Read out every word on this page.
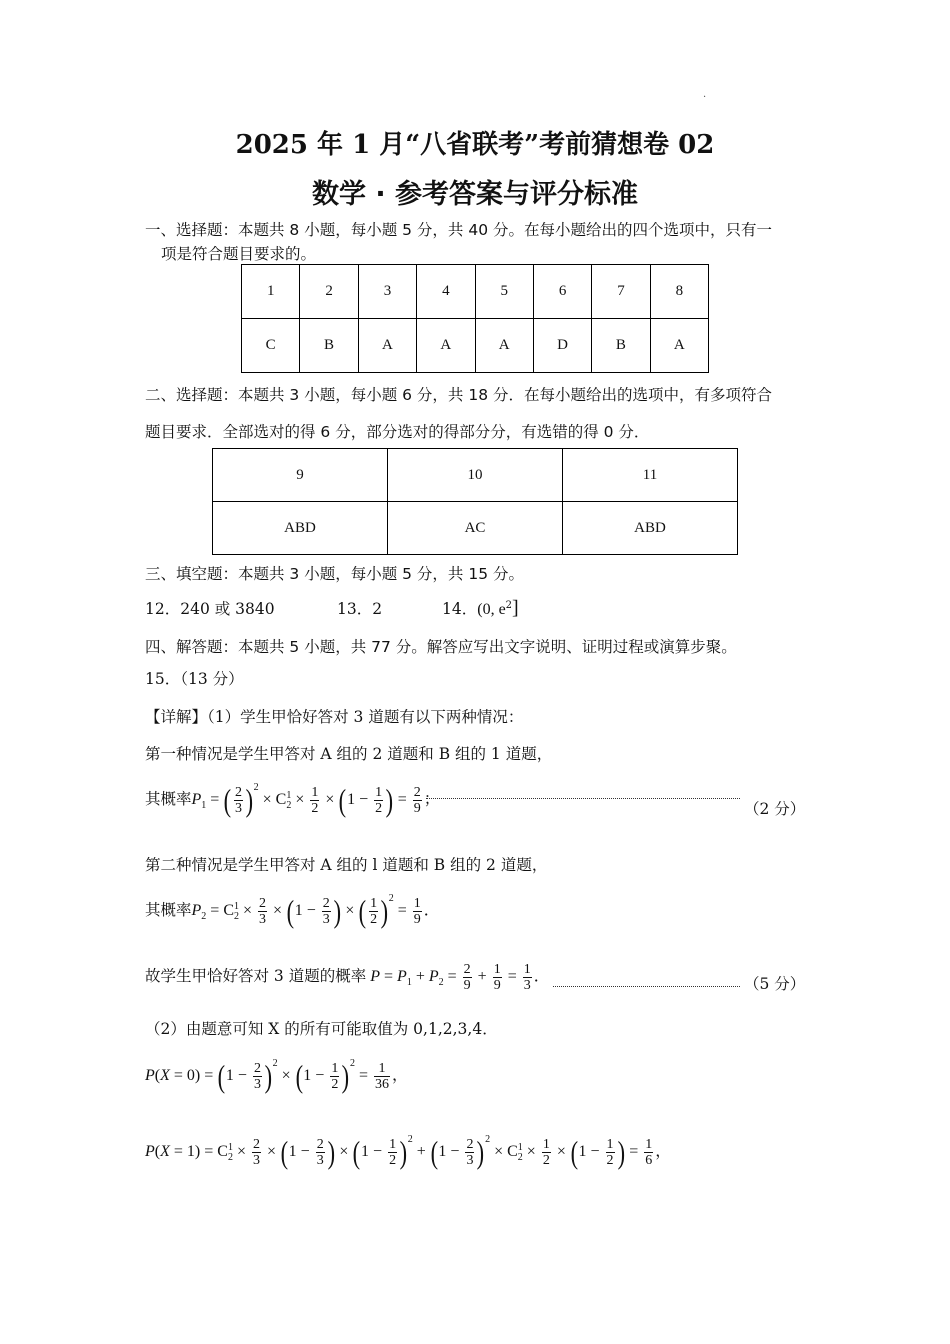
·
2025 年 1 月“八省联考”考前猜想卷 02
数学 · 参考答案与评分标准
一、选择题：本题共 8 小题，每小题 5 分，共 40 分。在每小题给出的四个选项中，只有一
项是符合题目要求的。
1	2	3	4	5	6	7	8
C	B	A	A	A	D	B	A
二、选择题：本题共 3 小题，每小题 6 分，共 18 分．在每小题给出的选项中，有多项符合
题目要求．全部选对的得 6 分，部分选对的得部分分，有选错的得 0 分．
9	10	11
ABD	AC	ABD
三、填空题：本题共 3 小题，每小题 5 分，共 15 分。
12．240 或 3840	13．2	14．(0, $e^2$]
四、解答题：本题共 5 小题，共 77 分。解答应写出文字说明、证明过程或演算步聚。
15．（13 分）
【详解】（1）学生甲恰好答对 3 道题有以下两种情况：
第一种情况是学生甲答对 A 组的 2 道题和 B 组的 1 道题，
其概率$P_1$ = ( $\frac{2}{3} )^2 \times C_2^1 \times \frac{1}{2} \times (1 - \frac{1}{2}$ ) = $\frac{2}{9}$ ；
（2 分）
第二种情况是学生甲答对 A 组的 l 道题和 B 组的 2 道题，
其概率$P_2 = C_2^1 \times \frac{2}{3} \times (1 - \frac{2}{3}$ ) × ( $\frac{1}{2} )^2 = \frac{1}{9}$ ．
故学生甲恰好答对 3 道题的概率 $P = P_1 + P_2 = \frac{2}{9} + \frac{1}{9} = \frac{1}{3}$ ．	（5 分）
（2）由题意可知 X 的所有可能取值为 0,1,2,3,4．
$P(X = 0) = (1 - \frac{2}{3} )^2 \times (1 - \frac{1}{2} )^2 = \frac{1}{36}$ ，
$P(X = 1) = C_2^1 \times \frac{2}{3} \times (1 - \frac{2}{3}$ ) × $(1 - \frac{1}{2} )^2 + (1 - \frac{2}{3} )^2 \times C_2^1 \times \frac{1}{2} \times (1 - \frac{1}{2}$ ) = $\frac{1}{6}$ ，
